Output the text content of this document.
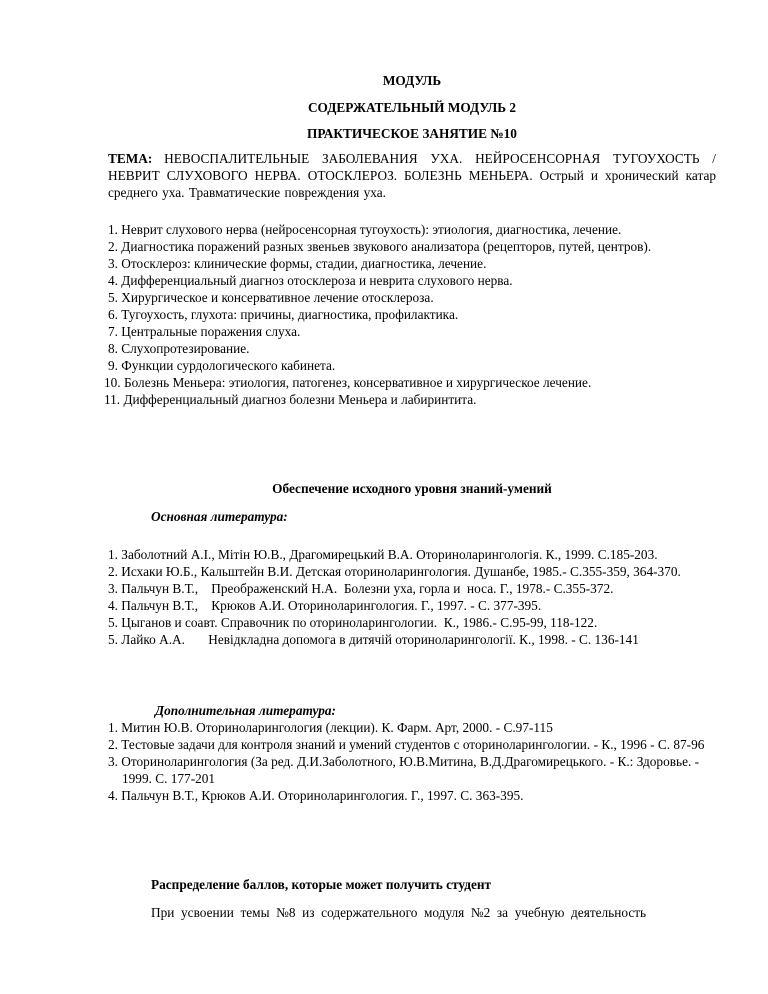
МОДУЛЬ
СОДЕРЖАТЕЛЬНЫЙ МОДУЛЬ 2
ПРАКТИЧЕСКОЕ ЗАНЯТИЕ №10
ТЕМА: НЕВОСПАЛИТЕЛЬНЫЕ ЗАБОЛЕВАНИЯ УХА. НЕЙРОСЕНСОРНАЯ ТУГОУХОСТЬ /НЕВРИТ СЛУХОВОГО НЕРВА. ОТОСКЛЕРОЗ. БОЛЕЗНЬ МЕНЬЕРА. Острый и хронический катар среднего уха. Травматические повреждения уха.
1. Неврит слухового нерва (нейросенсорная тугоухость): этиология, диагностика, лечение.
2. Диагностика поражений разных звеньев звукового анализатора (рецепторов, путей, центров).
3. Отосклероз: клинические формы, стадии, диагностика, лечение.
4. Дифференциальный диагноз отосклероза и неврита слухового нерва.
5. Хирургическое и консервативное лечение отосклероза.
6. Тугоухость, глухота: причины, диагностика, профилактика.
7. Центральные поражения слуха.
8. Слухопротезирование.
9. Функции сурдологического кабинета.
10. Болезнь Меньера: этиология, патогенез, консервативное и хирургическое лечение.
11. Дифференциальный диагноз болезни Меньера и лабиринтита.
Обеспечение исходного уровня знаний-умений
Основная литература:
1. Заболотний А.І., Мітін Ю.В., Драгомирецький В.А. Оториноларингологія. К., 1999. С.185-203.
2. Исхаки Ю.Б., Кальштейн В.И. Детская оториноларингология. Душанбе, 1985.- С.355-359, 364-370.
3. Пальчун В.Т.,    Преображенский Н.А.  Болезни уха, горла и  носа. Г., 1978.- С.355-372.
4. Пальчун В.Т.,    Крюков А.И. Оториноларингология. Г., 1997. - С. 377-395.
5. Цыганов и соавт. Справочник по оториноларингологии.  К., 1986.- С.95-99, 118-122.
5. Лайко А.А.       Невідкладна допомога в дитячій оториноларингології. К., 1998. - С. 136-141
Дополнительная литература:
1. Митин Ю.В. Оториноларингология (лекции). К. Фарм. Арт, 2000. - С.97-115
2. Тестовые задачи для контроля знаний и умений студентов с оториноларингологии. - К., 1996 - С. 87-96
3. Оториноларингология (За ред. Д.И.Заболотного, Ю.В.Митина, В.Д.Драгомирецького. - К.: Здоровье. - 1999. С. 177-201
4. Пальчун В.Т., Крюков А.И. Оториноларингология. Г., 1997. С. 363-395.
Распределение баллов, которые может получить студент
При  усвоении  темы  №8  из  содержательного  модуля  №2  за  учебную  деятельность
